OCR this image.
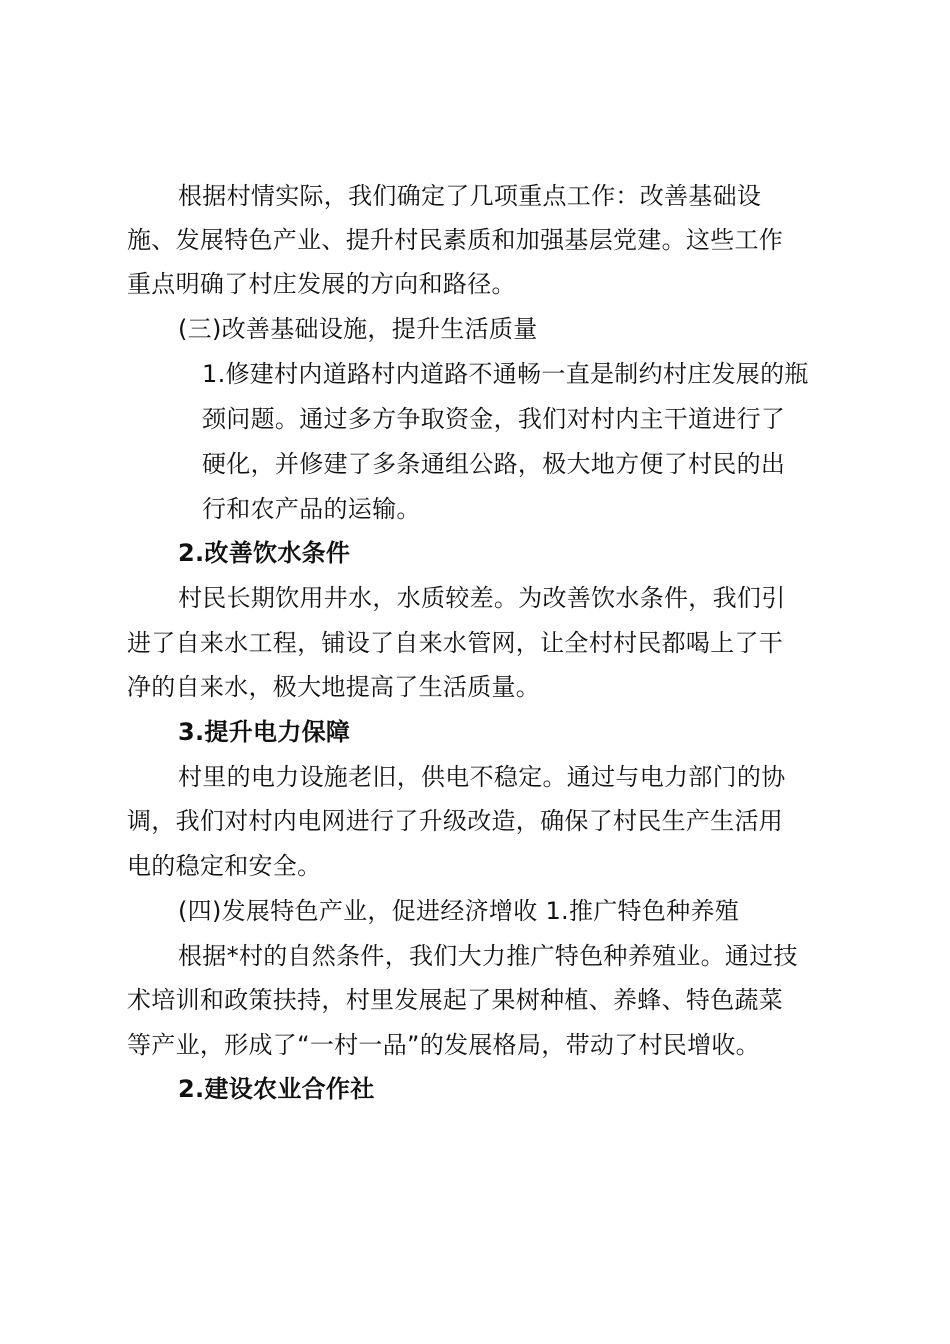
根据村情实际，我们确定了几项重点工作：改善基础设
施、发展特色产业、提升村民素质和加强基层党建。这些工作
重点明确了村庄发展的方向和路径。
(三)改善基础设施，提升生活质量
1.修建村内道路村内道路不通畅一直是制约村庄发展的瓶
颈问题。通过多方争取资金，我们对村内主干道进行了
硬化，并修建了多条通组公路，极大地方便了村民的出
行和农产品的运输。
2.改善饮水条件
村民长期饮用井水，水质较差。为改善饮水条件，我们引
进了自来水工程，铺设了自来水管网，让全村村民都喝上了干
净的自来水，极大地提高了生活质量。
3.提升电力保障
村里的电力设施老旧，供电不稳定。通过与电力部门的协
调，我们对村内电网进行了升级改造，确保了村民生产生活用
电的稳定和安全。
(四)发展特色产业，促进经济增收 1.推广特色种养殖
根据*村的自然条件，我们大力推广特色种养殖业。通过技
术培训和政策扶持，村里发展起了果树种植、养蜂、特色蔬菜
等产业，形成了“一村一品”的发展格局，带动了村民增收。
2.建设农业合作社
